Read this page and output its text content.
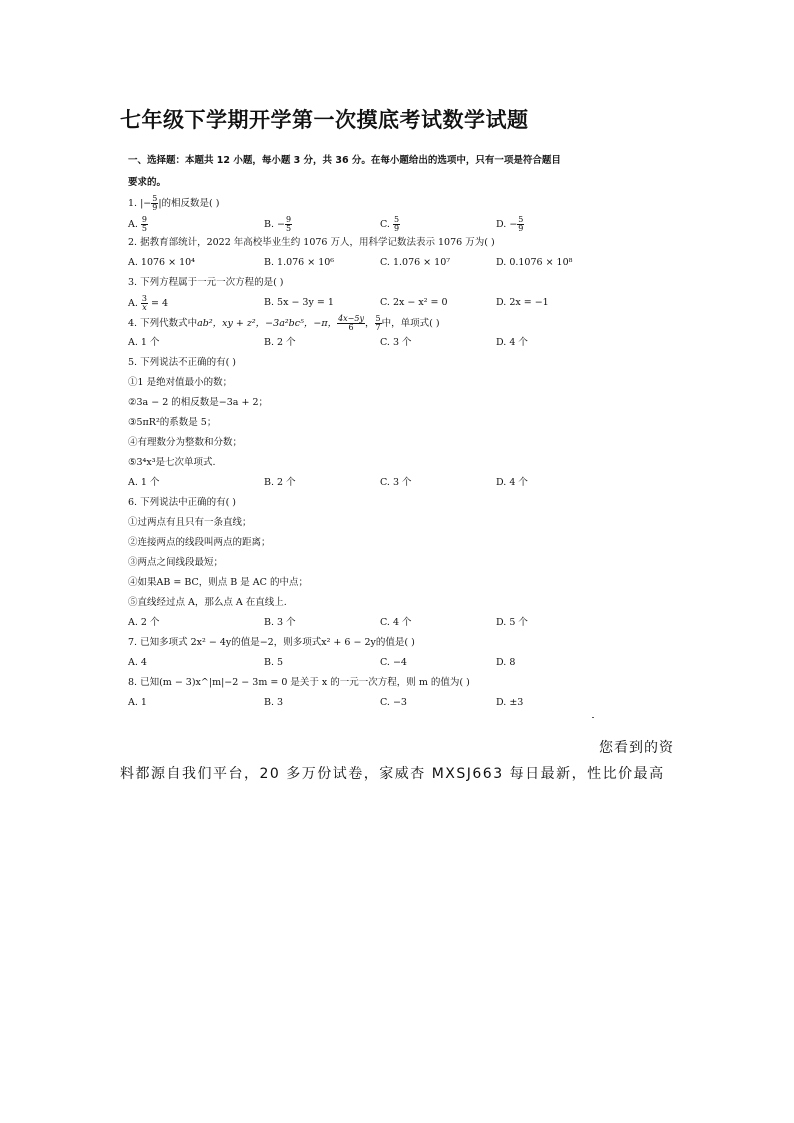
七年级下学期开学第一次摸底考试数学试题
一、选择题：本题共 12 小题，每小题 3 分，共 36 分。在每小题给出的选项中，只有一项是符合题目
要求的。
1. |− $\frac{5}{9}$ |的相反数是( )
A. $\frac{9}{5}$	B. − $\frac{9}{5}$	C. $\frac{5}{9}$	D. − $\frac{5}{9}$
2. 据教育部统计，2022 年高校毕业生约 1076 万人，用科学记数法表示 1076 万为( )
A. 1076 × 10⁴	B. 1.076 × 10⁶	C. 1.076 × 10⁷	D. 0.1076 × 10⁸
3. 下列方程属于一元一次方程的是( )
A. $\frac{3}{x} = 4$	B. 5x − 3y = 1	C. 2x − x² = 0	D. 2x = −1
4. 下列代数式中ab²，xy + z²，−3a²bc⁵，−π， $\frac{4x-5y}{6}$ ， $\frac{5}{7}$ 中，单项式( )
A. 1 个	B. 2 个	C. 3 个	D. 4 个
5. 下列说法不正确的有( )
①1 是绝对值最小的数；
②3a − 2 的相反数是−3a + 2；
③5πR²的系数是 5；
④有理数分为整数和分数；
⑤3⁴x³是七次单项式.
A. 1 个	B. 2 个	C. 3 个	D. 4 个
6. 下列说法中正确的有( )
①过两点有且只有一条直线；
②连接两点的线段叫两点的距离；
③两点之间线段最短；
④如果AB = BC，则点 B 是 AC 的中点；
⑤直线经过点 A，那么点 A 在直线上.
A. 2 个	B. 3 个	C. 4 个	D. 5 个
7. 已知多项式 2x² − 4y的值是−2，则多项式x² + 6 − 2y的值是( )
A. 4	B. 5	C. −4	D. 8
8. 已知(m − 3)x^|m|−2 − 3m = 0 是关于 x 的一元一次方程，则 m 的值为( )
A. 1	B. 3	C. −3	D. ±3
您看到的资
料都源自我们平台，20 多万份试卷，家威杏 MXSJ663 每日最新，性比价最高
